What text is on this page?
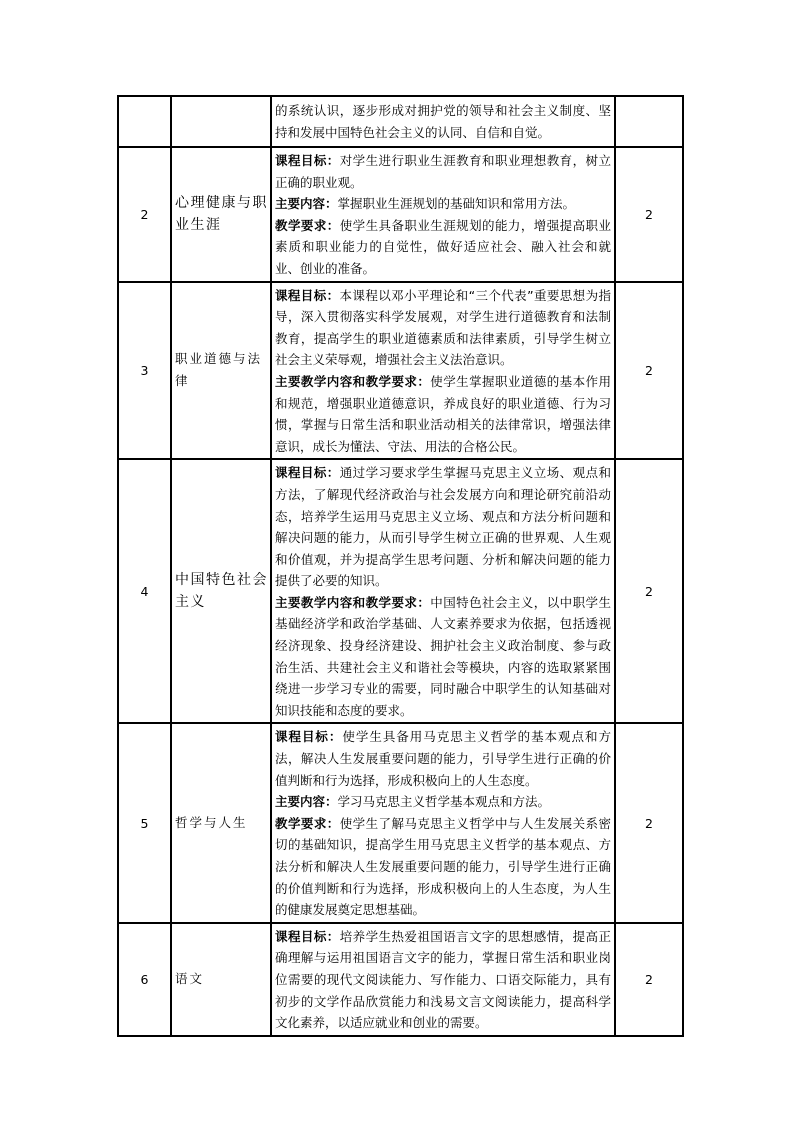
		的系统认识，逐步形成对拥护党的领导和社会主义制度、坚持和发展中国特色社会主义的认同、自信和自觉。	
2	心理健康与职业生涯	课程目标：对学生进行职业生涯教育和职业理想教育，树立正确的职业观。
主要内容：掌握职业生涯规划的基础知识和常用方法。
教学要求：使学生具备职业生涯规划的能力，增强提高职业素质和职业能力的自觉性，做好适应社会、融入社会和就业、创业的准备。	2
3	职业道德与法律	课程目标：本课程以邓小平理论和“三个代表”重要思想为指导，深入贯彻落实科学发展观，对学生进行道德教育和法制教育，提高学生的职业道德素质和法律素质，引导学生树立社会主义荣辱观，增强社会主义法治意识。
主要教学内容和教学要求：使学生掌握职业道德的基本作用和规范，增强职业道德意识，养成良好的职业道德、行为习惯，掌握与日常生活和职业活动相关的法律常识，增强法律意识，成长为懂法、守法、用法的合格公民。	2
4	中国特色社会主义	课程目标：通过学习要求学生掌握马克思主义立场、观点和方法，了解现代经济政治与社会发展方向和理论研究前沿动态，培养学生运用马克思主义立场、观点和方法分析问题和解决问题的能力，从而引导学生树立正确的世界观、人生观和价值观，并为提高学生思考问题、分析和解决问题的能力提供了必要的知识。
主要教学内容和教学要求：中国特色社会主义，以中职学生基础经济学和政治学基础、人文素养要求为依据，包括透视经济现象、投身经济建设、拥护社会主义政治制度、参与政治生活、共建社会主义和谐社会等模块，内容的选取紧紧围绕进一步学习专业的需要，同时融合中职学生的认知基础对知识技能和态度的要求。	2
5	哲学与人生	课程目标：使学生具备用马克思主义哲学的基本观点和方法，解决人生发展重要问题的能力，引导学生进行正确的价值判断和行为选择，形成积极向上的人生态度。
主要内容：学习马克思主义哲学基本观点和方法。
教学要求：使学生了解马克思主义哲学中与人生发展关系密切的基础知识，提高学生用马克思主义哲学的基本观点、方法分析和解决人生发展重要问题的能力，引导学生进行正确的价值判断和行为选择，形成积极向上的人生态度，为人生的健康发展奠定思想基础。	2
6	语文	课程目标：培养学生热爱祖国语言文字的思想感情，提高正确理解与运用祖国语言文字的能力，掌握日常生活和职业岗位需要的现代文阅读能力、写作能力、口语交际能力，具有初步的文学作品欣赏能力和浅易文言文阅读能力，提高科学文化素养，以适应就业和创业的需要。	2
